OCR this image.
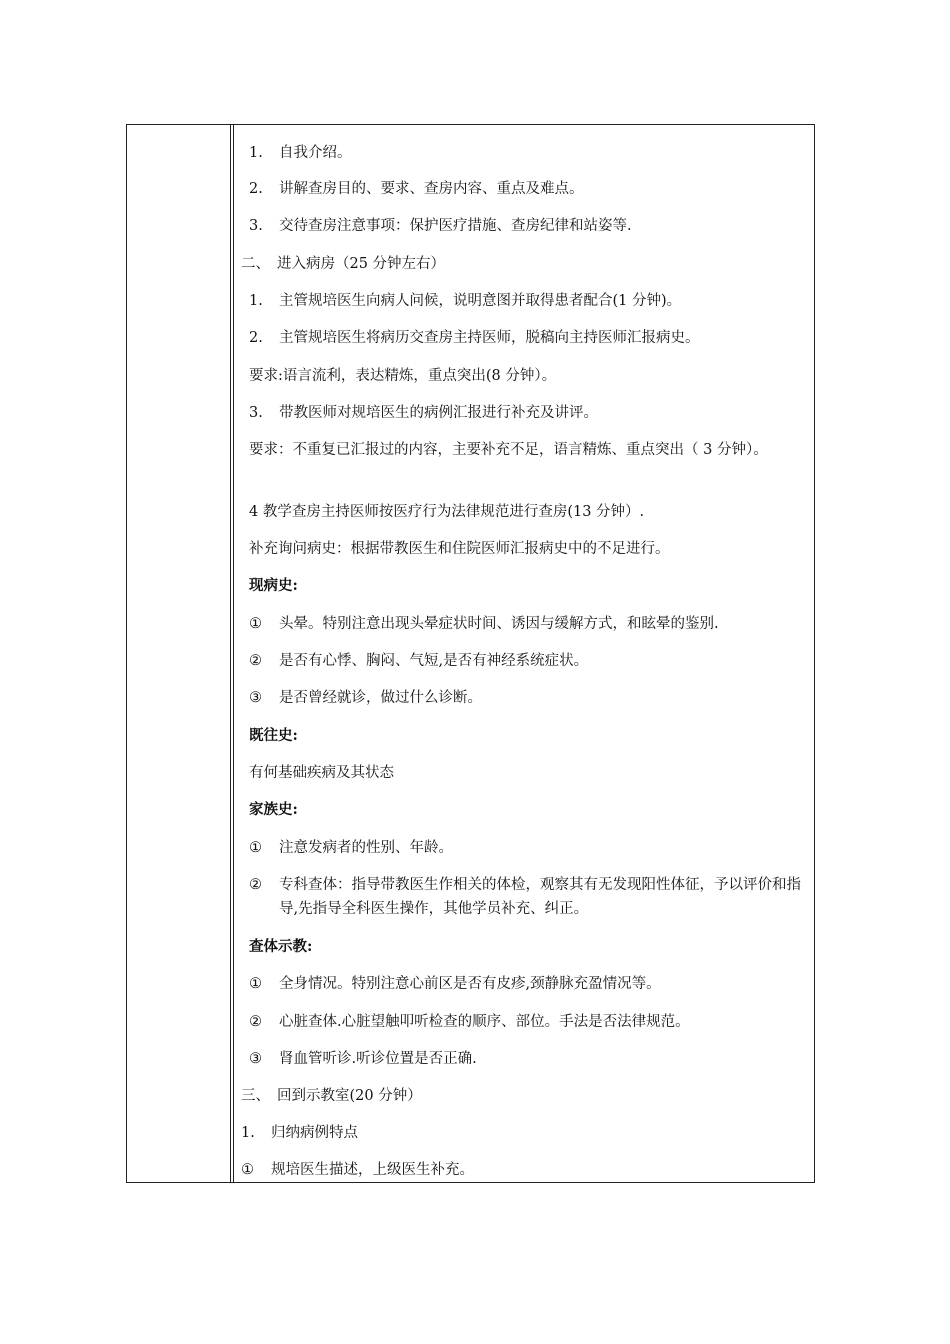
1. 自我介绍。
2. 讲解查房目的、要求、查房内容、重点及难点。
3. 交待查房注意事项：保护医疗措施、查房纪律和站姿等.
二、 进入病房（25 分钟左右）
1. 主管规培医生向病人问候，说明意图并取得患者配合(1 分钟)。
2. 主管规培医生将病历交查房主持医师，脱稿向主持医师汇报病史。
要求:语言流利，表达精炼，重点突出(8 分钟）。
3. 带教医师对规培医生的病例汇报进行补充及讲评。
要求：不重复已汇报过的内容，主要补充不足，语言精炼、重点突出（ 3 分钟）。
4 教学查房主持医师按医疗行为法律规范进行查房(13 分钟）.
补充询问病史：根据带教医生和住院医师汇报病史中的不足进行。
现病史:
① 头晕。特别注意出现头晕症状时间、诱因与缓解方式，和眩晕的鉴别.
② 是否有心悸、胸闷、气短,是否有神经系统症状。
③ 是否曾经就诊，做过什么诊断。
既往史:
有何基础疾病及其状态
家族史:
① 注意发病者的性别、年龄。
② 专科查体：指导带教医生作相关的体检，观察其有无发现阳性体征，予以评价和指导,先指导全科医生操作，其他学员补充、纠正。
查体示教:
① 全身情况。特别注意心前区是否有皮疹,颈静脉充盈情况等。
② 心脏查体.心脏望触叩听检查的顺序、部位。手法是否法律规范。
③ 肾血管听诊.听诊位置是否正确.
三、 回到示教室(20 分钟）
1. 归纳病例特点
① 规培医生描述，上级医生补充。
